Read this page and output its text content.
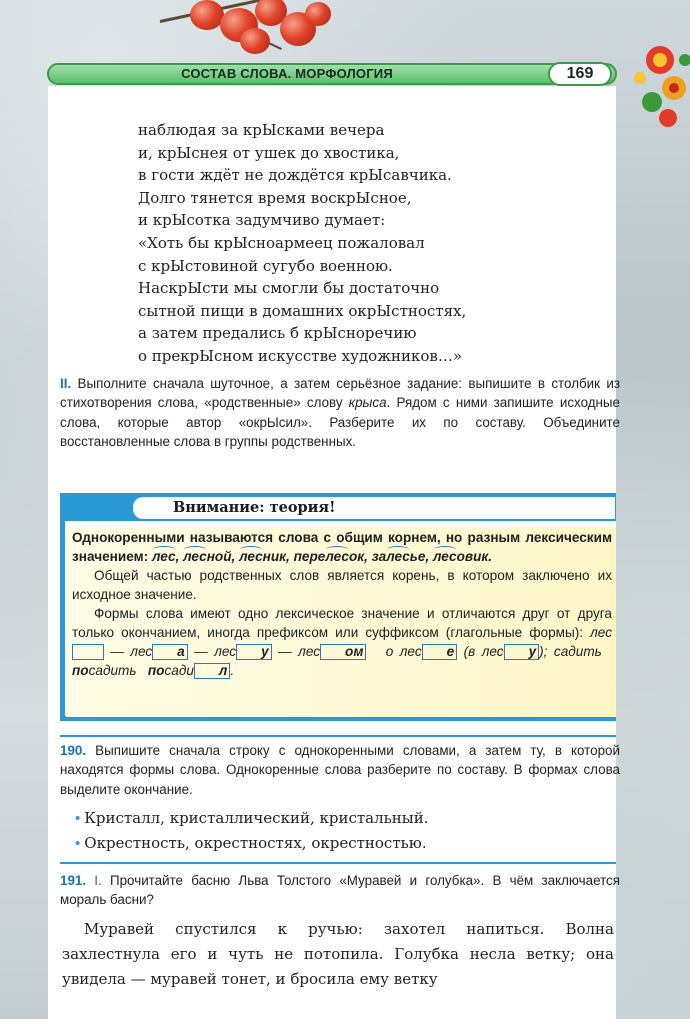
СОСТАВ СЛОВА. МОРФОЛОГИЯ	169
наблюдая за крЫсками вечера
и, крЫснея от ушек до хвостика,
в гости ждёт не дождётся крЫсавчика.
Долго тянется время воскрЫсное,
и крЫсотка задумчиво думает:
«Хоть бы крЫсноармеец пожаловал
с крЫстовиной сугубо военною.
НаскрЫсти мы смогли бы достаточно
сытной пищи в домашних окрЫстностях,
а затем предались б крЫсноречию
о прекрЫсном искусстве художников…»
II. Выполните сначала шуточное, а затем серьёзное задание: выпишите в столбик из стихотворения слова, «родственные» слову крыса. Рядом с ними запишите исходные слова, которые автор «окрЫсил». Разберите их по составу. Объедините восстановленные слова в группы родственных.
Внимание: теория!

Однокоренными называются слова с общим корнем, но разным лексическим значением: лес, лесной, лесник, перелесок, залесье, лесовик.

Общей частью родственных слов является корень, в котором заключено их исходное значение.

Формы слова имеют одно лексическое значение и отличаются друг от друга только окончанием, иногда префиксом или суффиксом (глагольные формы): лес  — лес а — лес у — лес ом о лес е (в лес у ); садить   посадить посади л .

190. Выпишите сначала строку с однокоренными словами, а затем ту, в которой находятся формы слова. Однокоренные слова разберите по составу. В формах слова выделите окончание.
• Кристалл, кристаллический, кристальный.
• Окрестность, окрестностях, окрестностью.
191. I. Прочитайте басню Льва Толстого «Муравей и голубка». В чём заключается мораль басни?

Муравей спустился к ручью: захотел напиться. Волна захлестнула его и чуть не потопила. Голубка несла ветку; она увидела — муравей тонет, и бросила ему ветку
